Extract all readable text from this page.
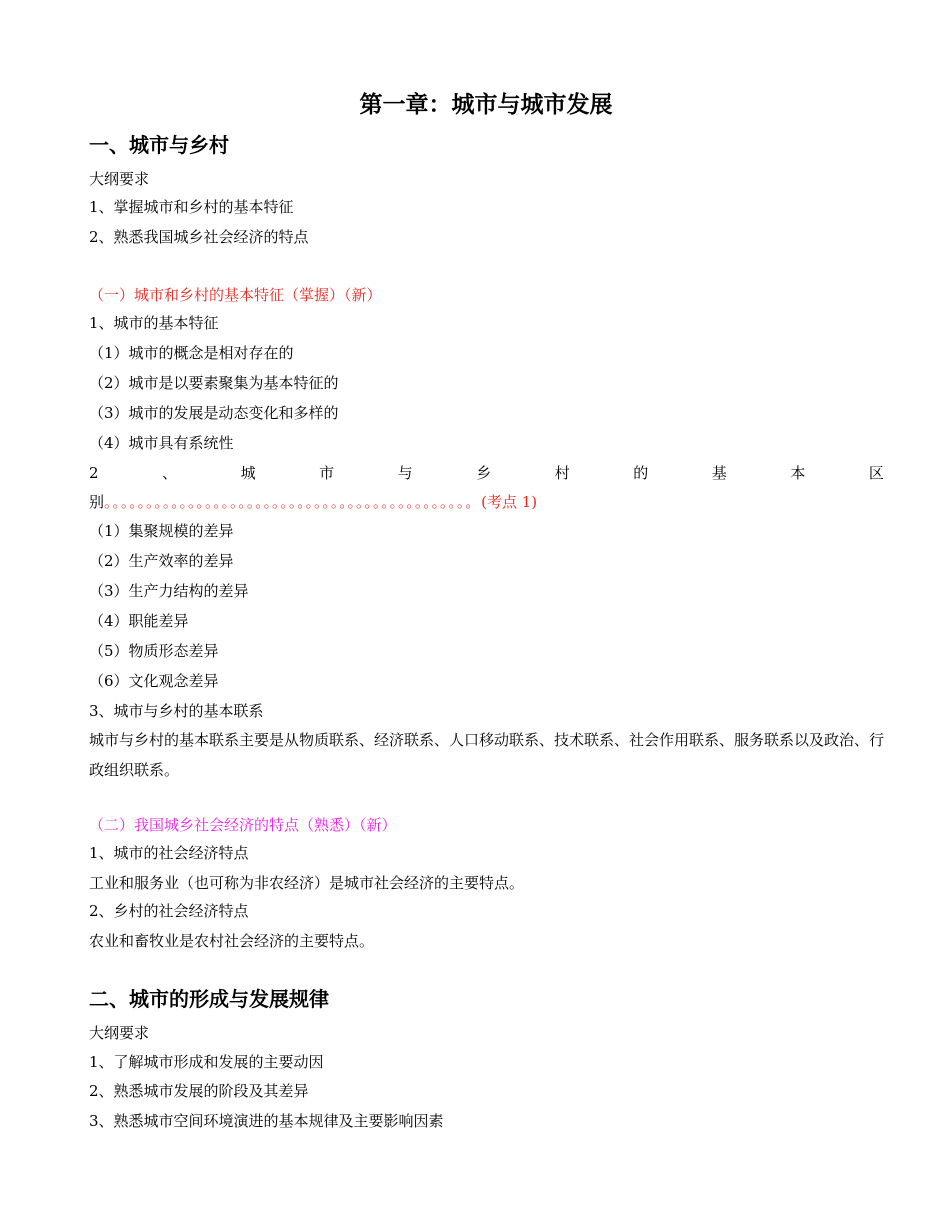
第一章：城市与城市发展
一、城市与乡村
大纲要求
1、掌握城市和乡村的基本特征
2、熟悉我国城乡社会经济的特点
（一）城市和乡村的基本特征（掌握）（新）
1、城市的基本特征
（1）城市的概念是相对存在的
（2）城市是以要素聚集为基本特征的
（3）城市的发展是动态变化和多样的
（4）城市具有系统性
2	、	城	市	与	乡	村	的	基	本	区
别。。。。。。。。。。。。。。。。。。。。。。。。。。。。。。。。。。。。。。。。。。。。(考点 1)
（1）集聚规模的差异
（2）生产效率的差异
（3）生产力结构的差异
（4）职能差异
（5）物质形态差异
（6）文化观念差异
3、城市与乡村的基本联系
城市与乡村的基本联系主要是从物质联系、经济联系、人口移动联系、技术联系、社会作用联系、服务联系以及政治、行政组织联系。
（二）我国城乡社会经济的特点（熟悉）（新）
1、城市的社会经济特点
工业和服务业（也可称为非农经济）是城市社会经济的主要特点。
2、乡村的社会经济特点
农业和畜牧业是农村社会经济的主要特点。
二、城市的形成与发展规律
大纲要求
1、了解城市形成和发展的主要动因
2、熟悉城市发展的阶段及其差异
3、熟悉城市空间环境演进的基本规律及主要影响因素
